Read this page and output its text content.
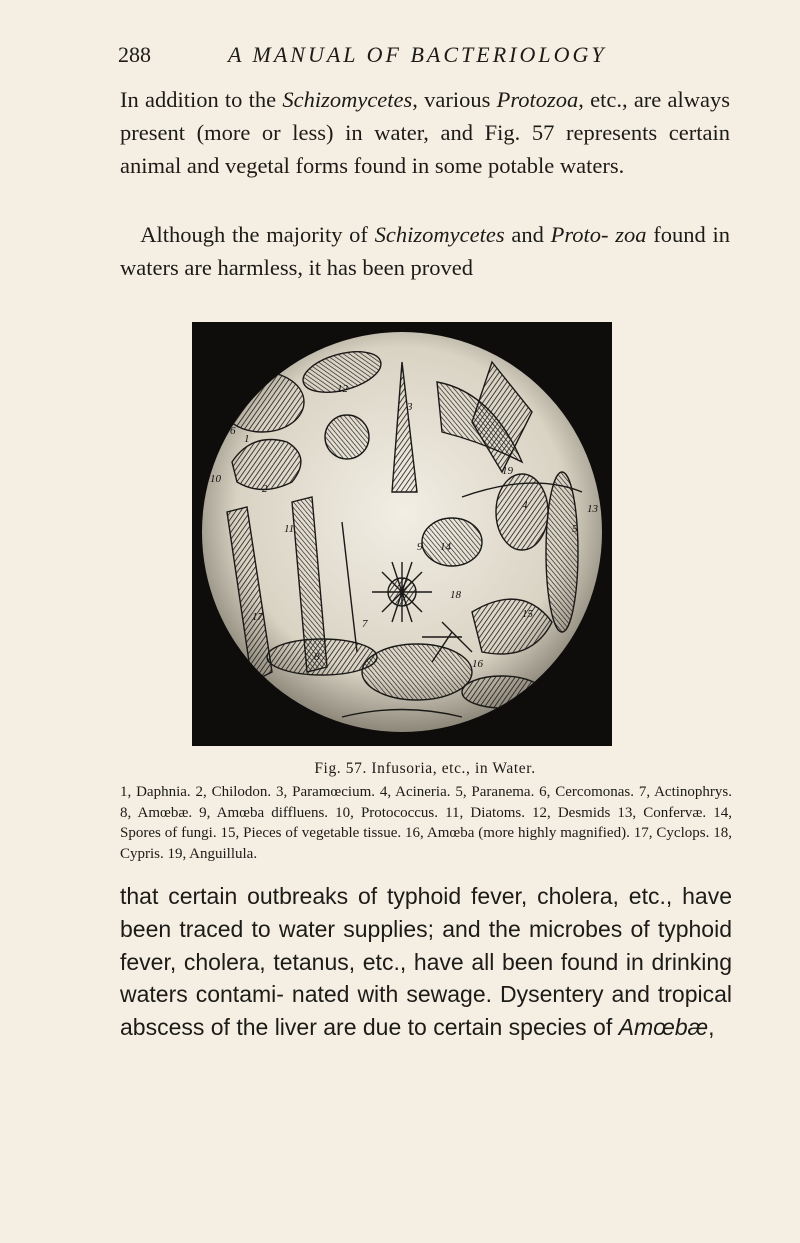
288	A MANUAL OF BACTERIOLOGY

In addition to the Schizomycetes, various Protozoa, etc., are always present (more or less) in water, and Fig. 57 represents certain animal and vegetal forms found in some potable waters.

Although the majority of Schizomycetes and Proto- zoa found in waters are harmless, it has been proved

1
2
3
4
5
6
7
8
9
10
11
12
13
14
15
16
17
18
19
Fig. 57. Infusoria, etc., in Water.

1, Daphnia. 2, Chilodon. 3, Paramœcium. 4, Acineria. 5, Paranema. 6, Cercomonas. 7, Actinophrys. 8, Amœbæ. 9, Amœba diffluens. 10, Protococcus. 11, Diatoms. 12, Desmids 13, Confervæ. 14, Spores of fungi. 15, Pieces of vegetable tissue. 16, Amœba (more highly magnified). 17, Cyclops. 18, Cypris. 19, Anguillula.

that certain outbreaks of typhoid fever, cholera, etc., have been traced to water supplies; and the microbes of typhoid fever, cholera, tetanus, etc., have all been found in drinking waters contami- nated with sewage. Dysentery and tropical abscess of the liver are due to certain species of Amœbæ,
